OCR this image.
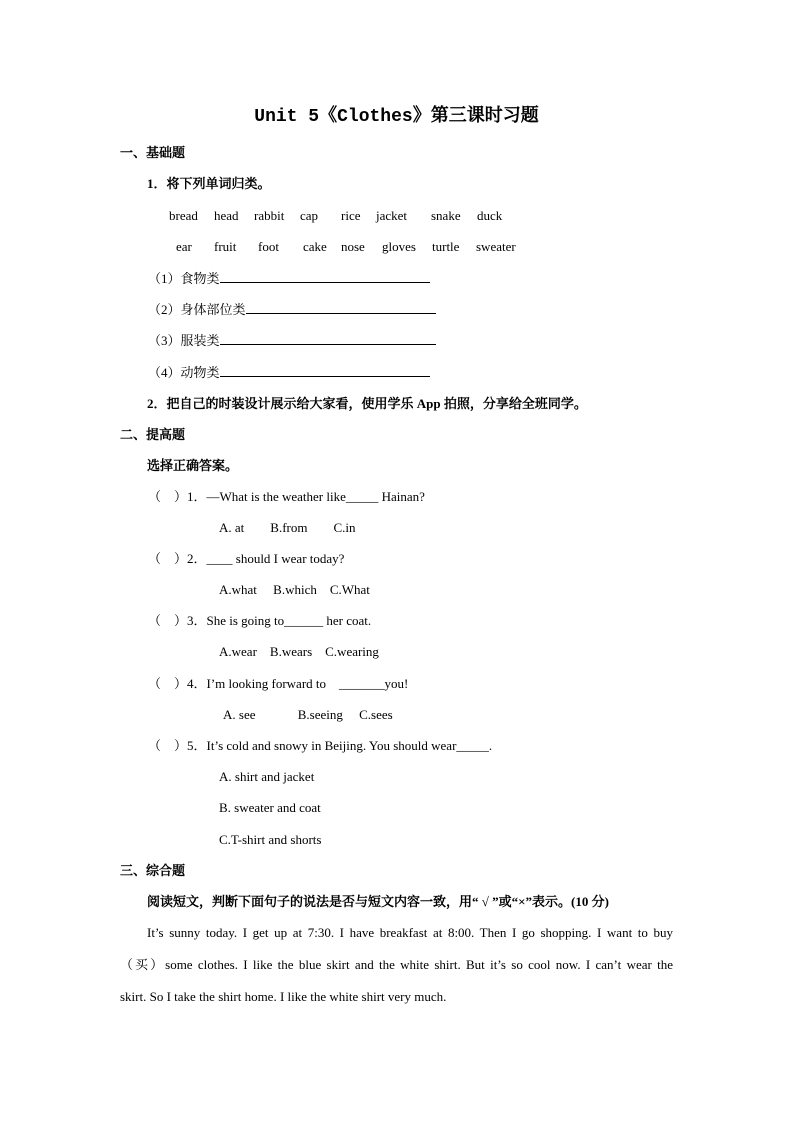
Unit 5《Clothes》第三课时习题
一、基础题
1．将下列单词归类。
bread head rabbit cap rice jacket snake duck
ear fruit foot cake nose gloves turtle sweater
（1）食物类
（2）身体部位类
（3）服装类
（4）动物类
2．把自己的时装设计展示给大家看，使用学乐 App 拍照，分享给全班同学。
二、提高题
选择正确答案。
（　）1．—What is the weather like_____ Hainan?
A. at　　B.from　　C.in
（　）2．____ should I wear today?
A.what　 B.which　C.What
（　）3．She is going to______ her coat.
A.wear　B.wears　C.wearing
（　）4．I’m looking forward to　_______you!
A. see　　　 B.seeing　 C.sees
（　）5．It’s cold and snowy in Beijing. You should wear_____.
A. shirt and jacket
B. sweater and coat
C.T-shirt and shorts
三、综合题
阅读短文，判断下面句子的说法是否与短文内容一致，用“ √ ”或“×”表示。(10 分)
It’s sunny today. I get up at 7:30. I have breakfast at 8:00. Then I go shopping. I want to buy
（买）some clothes. I like the blue skirt and the white shirt. But it’s so cool now. I can’t wear the
skirt. So I take the shirt home. I like the white shirt very much.
